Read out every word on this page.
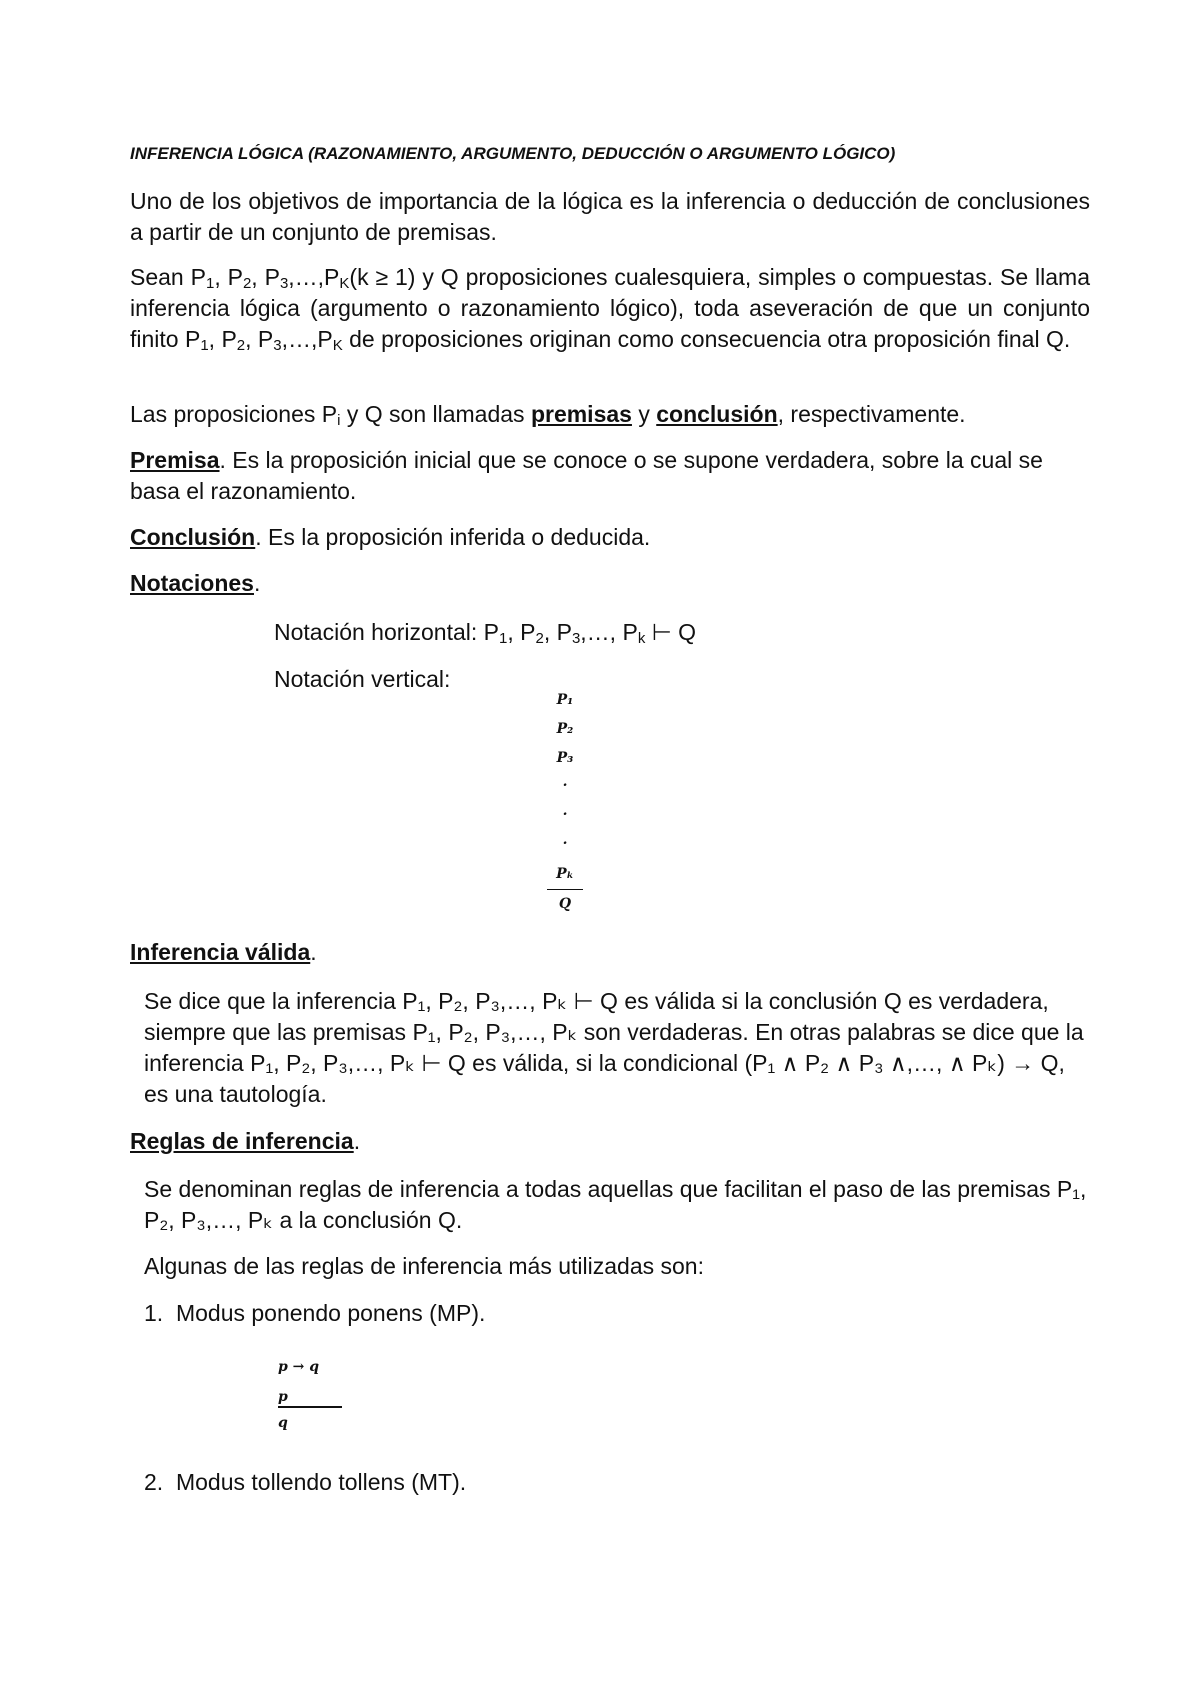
INFERENCIA LÓGICA (RAZONAMIENTO, ARGUMENTO, DEDUCCIÓN O ARGUMENTO LÓGICO)

Uno de los objetivos de importancia de la lógica es la inferencia o deducción de conclusiones a partir de un conjunto de premisas.

Sean $P_1$, $P_2$, $P_3,\dots,P_K(k \ge 1)$ y Q proposiciones cualesquiera, simples o compuestas. Se llama inferencia lógica (argumento o razonamiento lógico), toda aseveración de que un conjunto finito $P_1$, $P_2$, $P_3,\dots,P_K$ de proposiciones originan como consecuencia otra proposición final Q.

Las proposiciones $P_i$ y Q son llamadas premisas y conclusión, respectivamente.

Premisa. Es la proposición inicial que se conoce o se supone verdadera, sobre la cual se basa el razonamiento.

Conclusión. Es la proposición inferida o deducida.

Notaciones.

Notación horizontal: $P_1$, $P_2$, $P_3,\dots$, $P_k$ ⊢ Q

Notación vertical:

P₁
P₂
P₃
.
.
.
Pₖ
Q

Inferencia válida.

Se dice que la inferencia P₁, P₂, P₃,…, Pₖ ⊢ Q es válida si la conclusión Q es verdadera, siempre que las premisas P₁, P₂, P₃,…, Pₖ son verdaderas. En otras palabras se dice que la inferencia P₁, P₂, P₃,…, Pₖ ⊢ Q es válida, si la condicional (P₁ ∧ P₂ ∧ P₃ ∧,…, ∧ Pₖ) → Q, es una tautología.

Reglas de inferencia.

Se denominan reglas de inferencia a todas aquellas que facilitan el paso de las premisas P₁, P₂, P₃,…, Pₖ a la conclusión Q.

Algunas de las reglas de inferencia más utilizadas son:

1. Modus ponendo ponens (MP).

p → q
p
q

2. Modus tollendo tollens (MT).
